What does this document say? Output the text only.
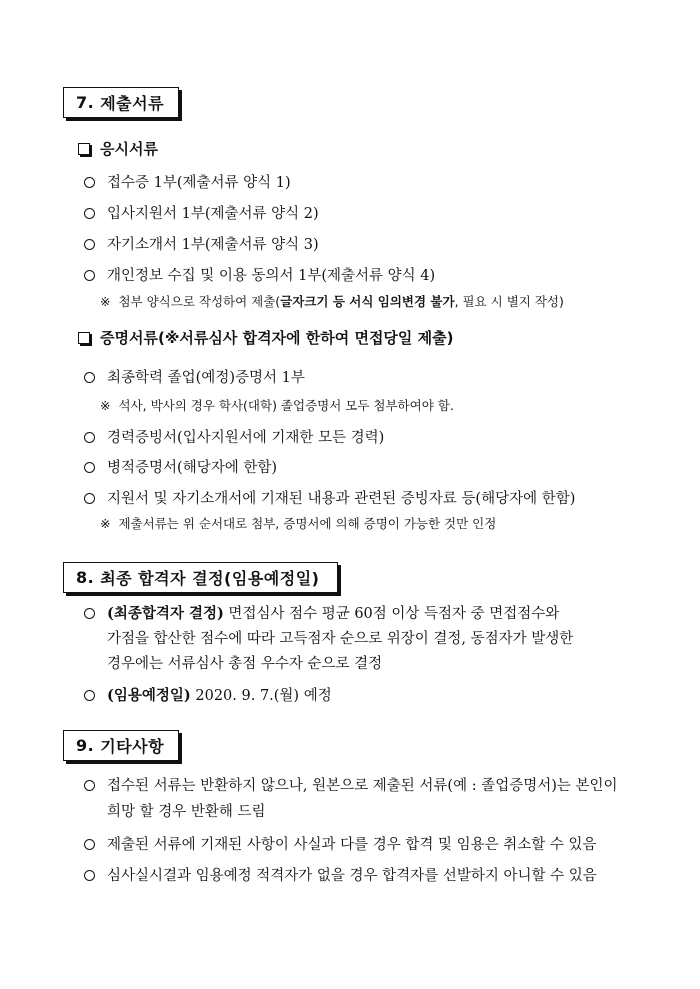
7. 제출서류
응시서류
접수증 1부(제출서류 양식 1)
입사지원서 1부(제출서류 양식 2)
자기소개서 1부(제출서류 양식 3)
개인정보 수집 및 이용 동의서 1부(제출서류 양식 4)
※ 첨부 양식으로 작성하여 제출(글자크기 등 서식 임의변경 불가, 필요 시 별지 작성)
증명서류(※서류심사 합격자에 한하여 면접당일 제출)
최종학력 졸업(예정)증명서 1부
※ 석사, 박사의 경우 학사(대학) 졸업증명서 모두 첨부하여야 함.
경력증빙서(입사지원서에 기재한 모든 경력)
병적증명서(해당자에 한함)
지원서 및 자기소개서에 기재된 내용과 관련된 증빙자료 등(해당자에 한함)
※ 제출서류는 위 순서대로 첨부, 증명서에 의해 증명이 가능한 것만 인정
8. 최종 합격자 결정(임용예정일)
(최종합격자 결정) 면접심사 점수 평균 60점 이상 득점자 중 면접점수와
가점을 합산한 점수에 따라 고득점자 순으로 위장이 결정, 동점자가 발생한
경우에는 서류심사 총점 우수자 순으로 결정
(임용예정일) 2020. 9. 7.(월) 예정
9. 기타사항
접수된 서류는 반환하지 않으나, 원본으로 제출된 서류(예 : 졸업증명서)는 본인이
희망 할 경우 반환해 드림
제출된 서류에 기재된 사항이 사실과 다를 경우 합격 및 임용은 취소할 수 있음
심사실시결과 임용예정 적격자가 없을 경우 합격자를 선발하지 아니할 수 있음
